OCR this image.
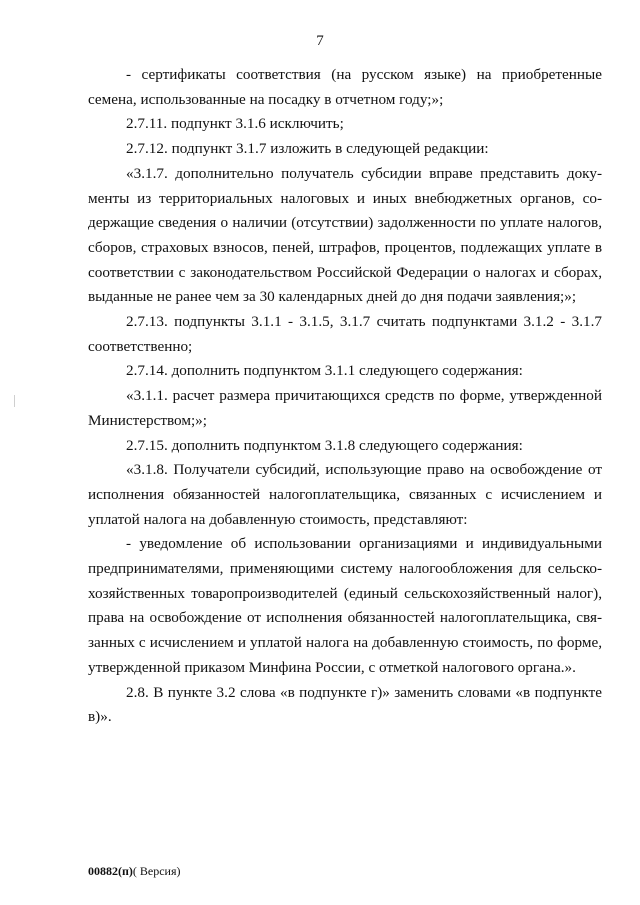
7

- сертификаты соответствия (на русском языке) на приобретенные семена, использованные на посадку в отчетном году;»;

2.7.11. подпункт 3.1.6 исключить;

2.7.12. подпункт 3.1.7 изложить в следующей редакции:

«3.1.7. дополнительно получатель субсидии вправе представить документы из территориальных налоговых и иных внебюджетных органов, содержащие сведения о наличии (отсутствии) задолженности по уплате налогов, сборов, страховых взносов, пеней, штрафов, процентов, подлежащих уплате в соответствии с законодательством Российской Федерации о налогах и сборах, выданные не ранее чем за 30 календарных дней до дня подачи заявления;»;

2.7.13. подпункты 3.1.1 - 3.1.5, 3.1.7 считать подпунктами 3.1.2 - 3.1.7 соответственно;

2.7.14. дополнить подпунктом 3.1.1 следующего содержания:

«3.1.1. расчет размера причитающихся средств по форме, утвержденной Министерством;»;

2.7.15. дополнить подпунктом 3.1.8 следующего содержания:

«3.1.8. Получатели субсидий, использующие право на освобождение от исполнения обязанностей налогоплательщика, связанных с исчислением и уплатой налога на добавленную стоимость, представляют:

- уведомление об использовании организациями и индивидуальными предпринимателями, применяющими систему налогообложения для сельскохозяйственных товаропроизводителей (единый сельскохозяйственный налог), права на освобождение от исполнения обязанностей налогоплательщика, связанных с исчислением и уплатой налога на добавленную стоимость, по форме, утвержденной приказом Минфина России, с отметкой налогового органа.».

2.8. В пункте 3.2 слова «в подпункте г)» заменить словами «в подпункте в)».

00882(п)( Версия)
